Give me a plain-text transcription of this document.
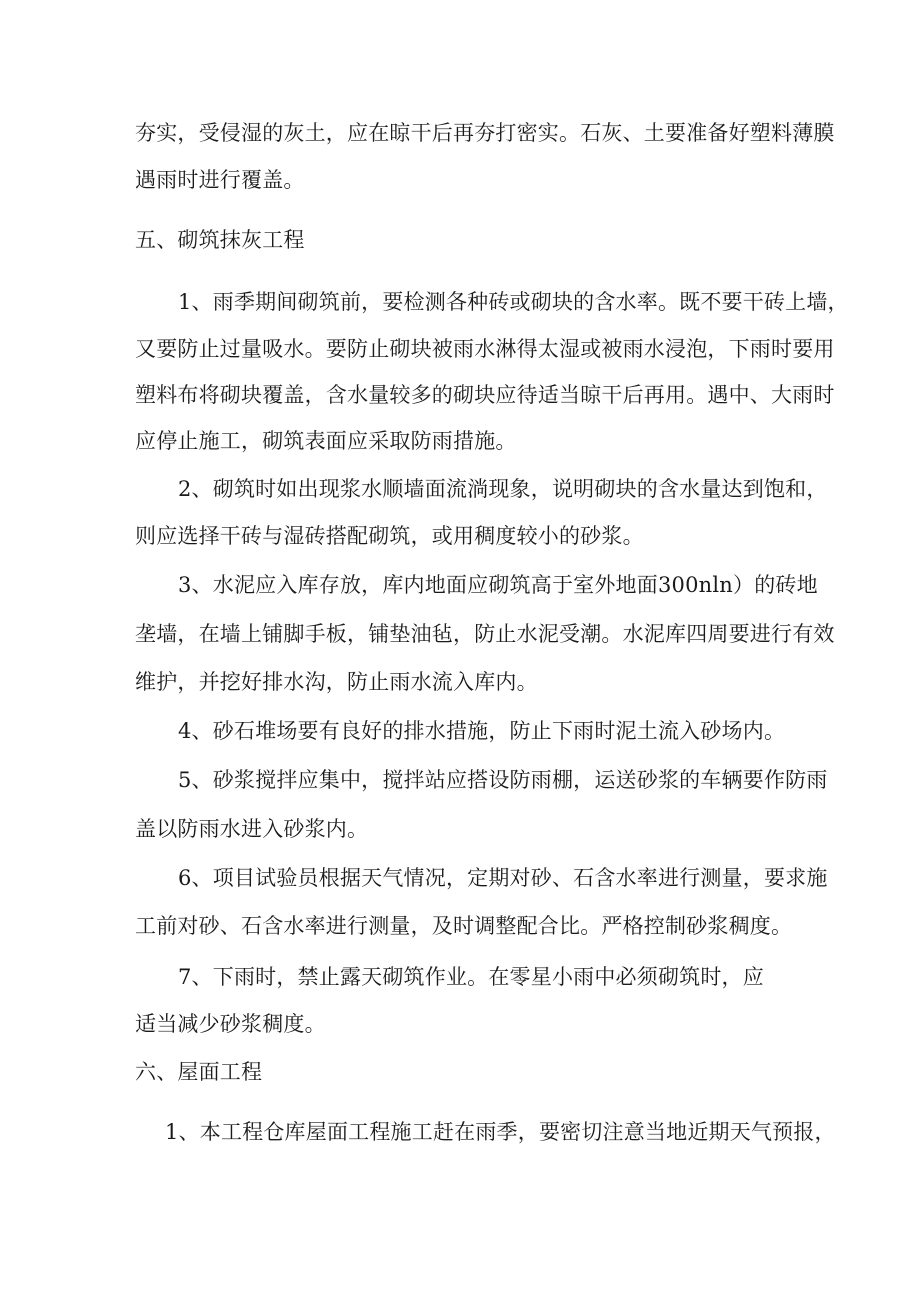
夯实，受侵湿的灰土，应在晾干后再夯打密实。石灰、土要准备好塑料薄膜
遇雨时进行覆盖。
五、砌筑抹灰工程
1、雨季期间砌筑前，要检测各种砖或砌块的含水率。既不要干砖上墙，
又要防止过量吸水。要防止砌块被雨水淋得太湿或被雨水浸泡，下雨时要用
塑料布将砌块覆盖，含水量较多的砌块应待适当晾干后再用。遇中、大雨时
应停止施工，砌筑表面应采取防雨措施。
2、砌筑时如出现浆水顺墙面流淌现象，说明砌块的含水量达到饱和，
则应选择干砖与湿砖搭配砌筑，或用稠度较小的砂浆。
3、水泥应入库存放，库内地面应砌筑高于室外地面300nln）的砖地
垄墙，在墙上铺脚手板，铺垫油毡，防止水泥受潮。水泥库四周要进行有效
维护，并挖好排水沟，防止雨水流入库内。
4、砂石堆场要有良好的排水措施，防止下雨时泥土流入砂场内。
5、砂浆搅拌应集中，搅拌站应搭设防雨棚，运送砂浆的车辆要作防雨
盖以防雨水进入砂浆内。
6、项目试验员根据天气情况，定期对砂、石含水率进行测量，要求施
工前对砂、石含水率进行测量，及时调整配合比。严格控制砂浆稠度。
7、下雨时，禁止露天砌筑作业。在零星小雨中必须砌筑时，应
适当减少砂浆稠度。
六、屋面工程
1、本工程仓库屋面工程施工赶在雨季，要密切注意当地近期天气预报，
